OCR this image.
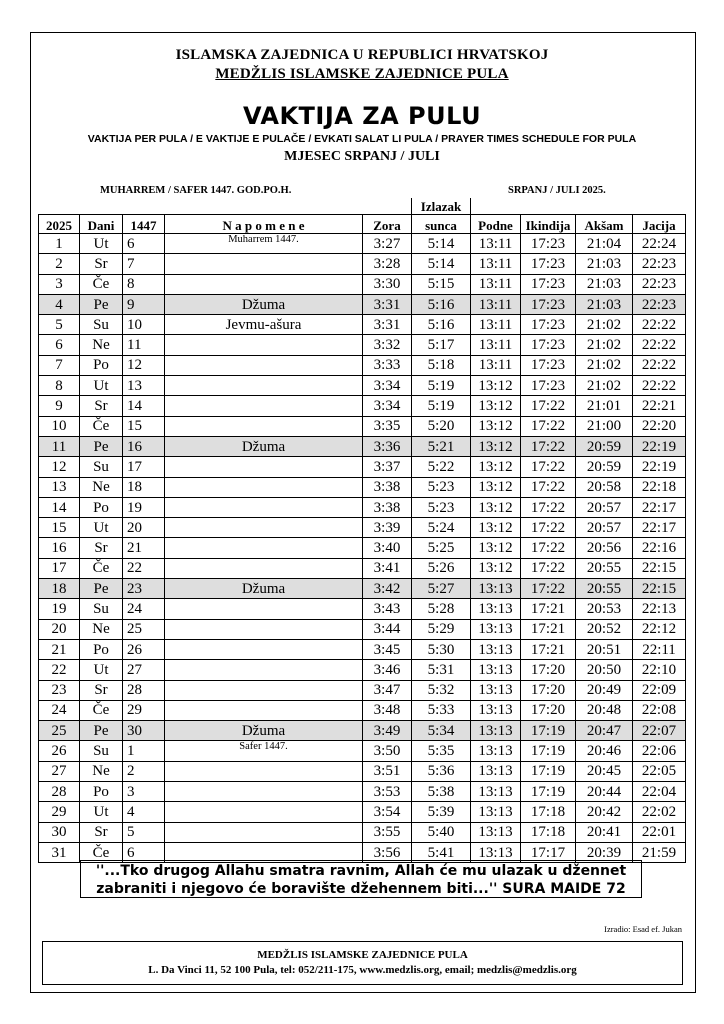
ISLAMSKA ZAJEDNICA U REPUBLICI HRVATSKOJ
MEDŽLIS ISLAMSKE ZAJEDNICE PULA
VAKTIJA ZA PULU
VAKTIJA PER PULA / E VAKTIJE E PULAČE / EVKATI SALAT LI PULA / PRAYER TIMES SCHEDULE FOR PULA
MJESEC SRPANJ / JULI
MUHARREM / SAFER 1447. GOD.PO.H.	SRPANJ / JULI 2025.
					Izlazak				
2025	Dani	1447	N a p o m e n e	Zora	sunca	Podne	Ikindija	Akšam	Jacija
1	Ut	6	Muharrem 1447.	3:27	5:14	13:11	17:23	21:04	22:24
2	Sr	7		3:28	5:14	13:11	17:23	21:03	22:23
3	Če	8		3:30	5:15	13:11	17:23	21:03	22:23
4	Pe	9	Džuma	3:31	5:16	13:11	17:23	21:03	22:23
5	Su	10	Jevmu-ašura	3:31	5:16	13:11	17:23	21:02	22:22
6	Ne	11		3:32	5:17	13:11	17:23	21:02	22:22
7	Po	12		3:33	5:18	13:11	17:23	21:02	22:22
8	Ut	13		3:34	5:19	13:12	17:23	21:02	22:22
9	Sr	14		3:34	5:19	13:12	17:22	21:01	22:21
10	Če	15		3:35	5:20	13:12	17:22	21:00	22:20
11	Pe	16	Džuma	3:36	5:21	13:12	17:22	20:59	22:19
12	Su	17		3:37	5:22	13:12	17:22	20:59	22:19
13	Ne	18		3:38	5:23	13:12	17:22	20:58	22:18
14	Po	19		3:38	5:23	13:12	17:22	20:57	22:17
15	Ut	20		3:39	5:24	13:12	17:22	20:57	22:17
16	Sr	21		3:40	5:25	13:12	17:22	20:56	22:16
17	Če	22		3:41	5:26	13:12	17:22	20:55	22:15
18	Pe	23	Džuma	3:42	5:27	13:13	17:22	20:55	22:15
19	Su	24		3:43	5:28	13:13	17:21	20:53	22:13
20	Ne	25		3:44	5:29	13:13	17:21	20:52	22:12
21	Po	26		3:45	5:30	13:13	17:21	20:51	22:11
22	Ut	27		3:46	5:31	13:13	17:20	20:50	22:10
23	Sr	28		3:47	5:32	13:13	17:20	20:49	22:09
24	Če	29		3:48	5:33	13:13	17:20	20:48	22:08
25	Pe	30	Džuma	3:49	5:34	13:13	17:19	20:47	22:07
26	Su	1	Safer 1447.	3:50	5:35	13:13	17:19	20:46	22:06
27	Ne	2		3:51	5:36	13:13	17:19	20:45	22:05
28	Po	3		3:53	5:38	13:13	17:19	20:44	22:04
29	Ut	4		3:54	5:39	13:13	17:18	20:42	22:02
30	Sr	5		3:55	5:40	13:13	17:18	20:41	22:01
31	Če	6		3:56	5:41	13:13	17:17	20:39	21:59
''...Tko drugog Allahu smatra ravnim, Allah će mu ulazak u džennet
zabraniti i njegovo će boravište džehennem biti...'' SURA MAIDE 72
Izradio: Esad ef. Jukan
MEDŽLIS ISLAMSKE ZAJEDNICE PULA
L. Da Vinci 11, 52 100 Pula, tel: 052/211-175, www.medzlis.org, email; medzlis@medzlis.org
